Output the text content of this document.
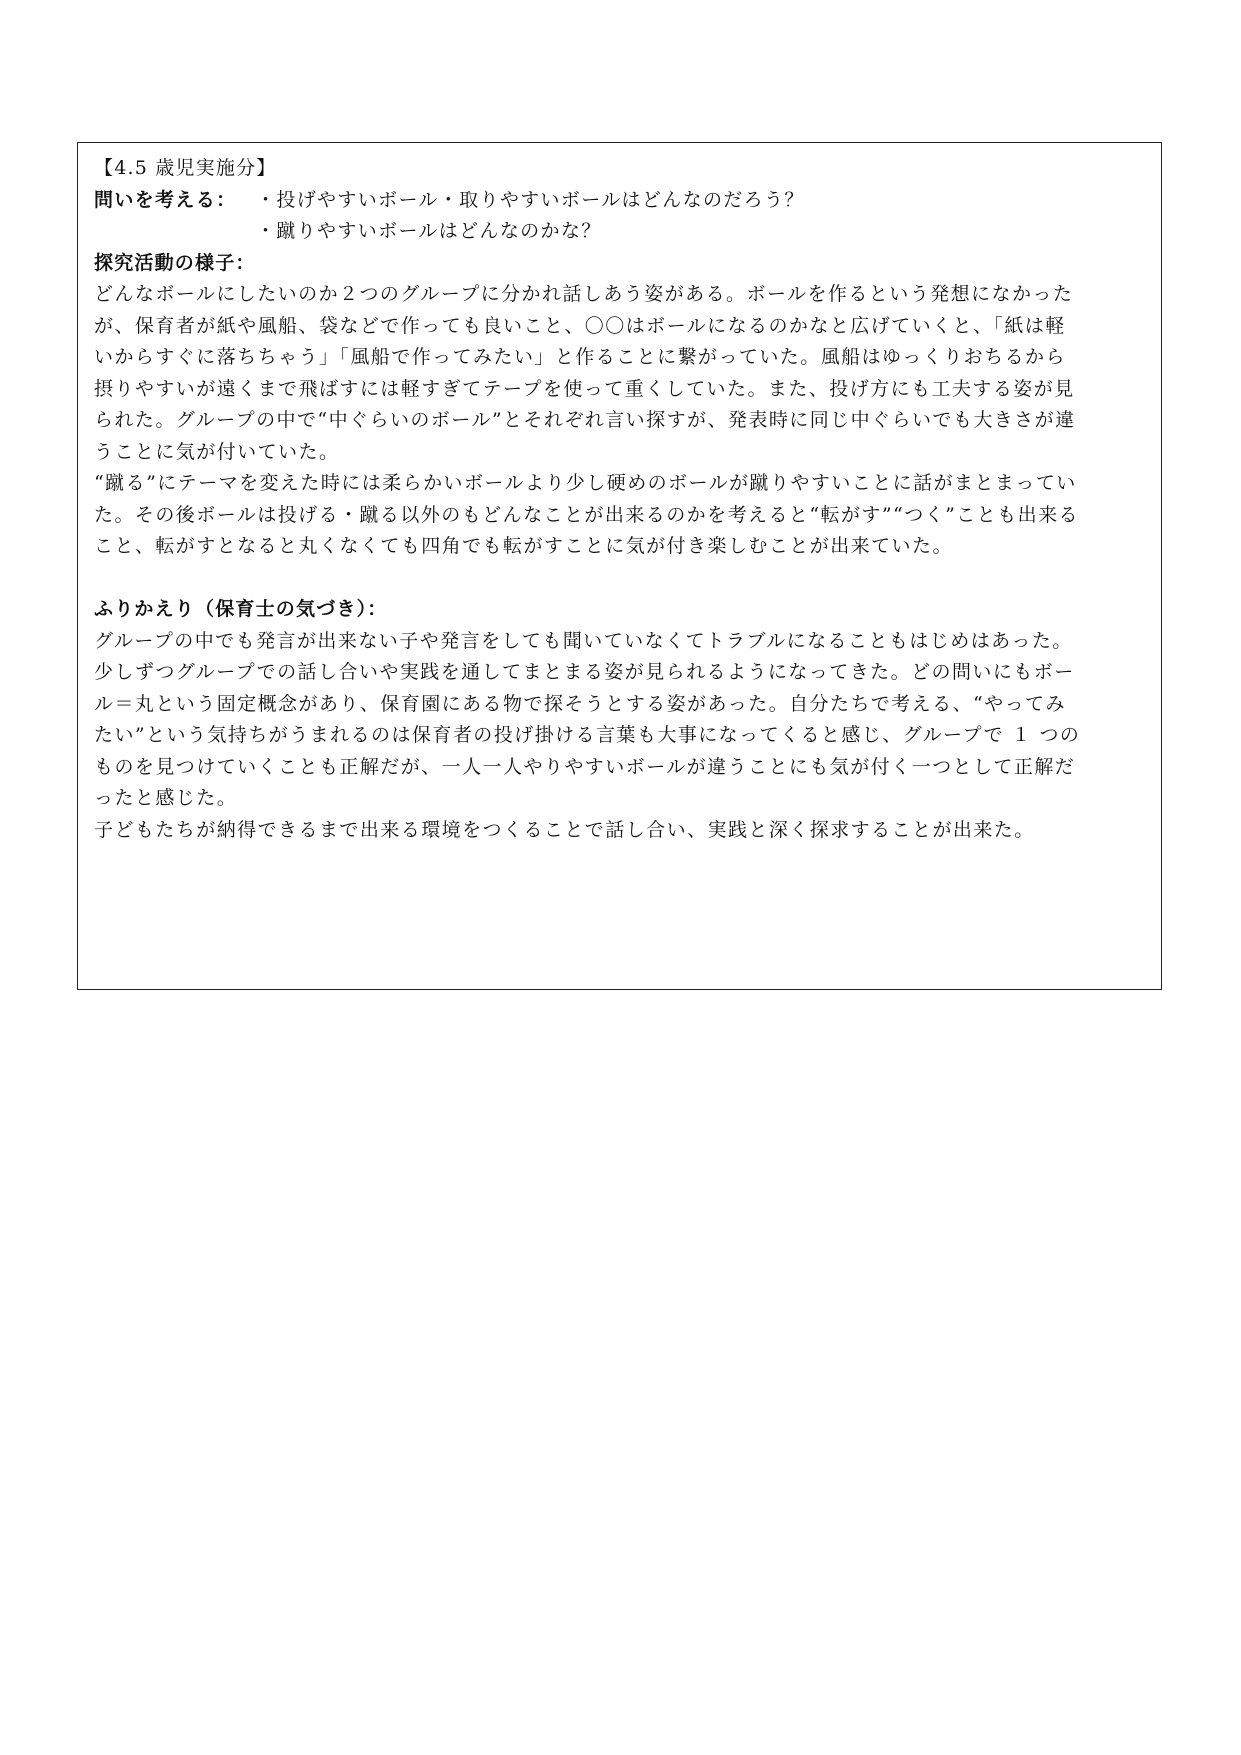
【4.5 歳児実施分】
問いを考える：	・投げやすいボール・取りやすいボールはどんなのだろう？
・蹴りやすいボールはどんなのかな？
探究活動の様子：
どんなボールにしたいのか２つのグループに分かれ話しあう姿がある。ボールを作るという発想になかった
が、保育者が紙や風船、袋などで作っても良いこと、〇〇はボールになるのかなと広げていくと、「紙は軽
いからすぐに落ちちゃう」「風船で作ってみたい」と作ることに繋がっていた。風船はゆっくりおちるから
摂りやすいが遠くまで飛ばすには軽すぎてテープを使って重くしていた。また、投げ方にも工夫する姿が見
られた。グループの中で“中ぐらいのボール”とそれぞれ言い探すが、発表時に同じ中ぐらいでも大きさが違
うことに気が付いていた。
“蹴る”にテーマを変えた時には柔らかいボールより少し硬めのボールが蹴りやすいことに話がまとまってい
た。その後ボールは投げる・蹴る以外のもどんなことが出来るのかを考えると“転がす”“つく”ことも出来る
こと、転がすとなると丸くなくても四角でも転がすことに気が付き楽しむことが出来ていた。
ふりかえり（保育士の気づき）：
グループの中でも発言が出来ない子や発言をしても聞いていなくてトラブルになることもはじめはあった。
少しずつグループでの話し合いや実践を通してまとまる姿が見られるようになってきた。どの問いにもボー
ル＝丸という固定概念があり、保育園にある物で探そうとする姿があった。自分たちで考える、“やってみ
たい”という気持ちがうまれるのは保育者の投げ掛ける言葉も大事になってくると感じ、グループで １ つの
ものを見つけていくことも正解だが、一人一人やりやすいボールが違うことにも気が付く一つとして正解だ
ったと感じた。
子どもたちが納得できるまで出来る環境をつくることで話し合い、実践と深く探求することが出来た。
